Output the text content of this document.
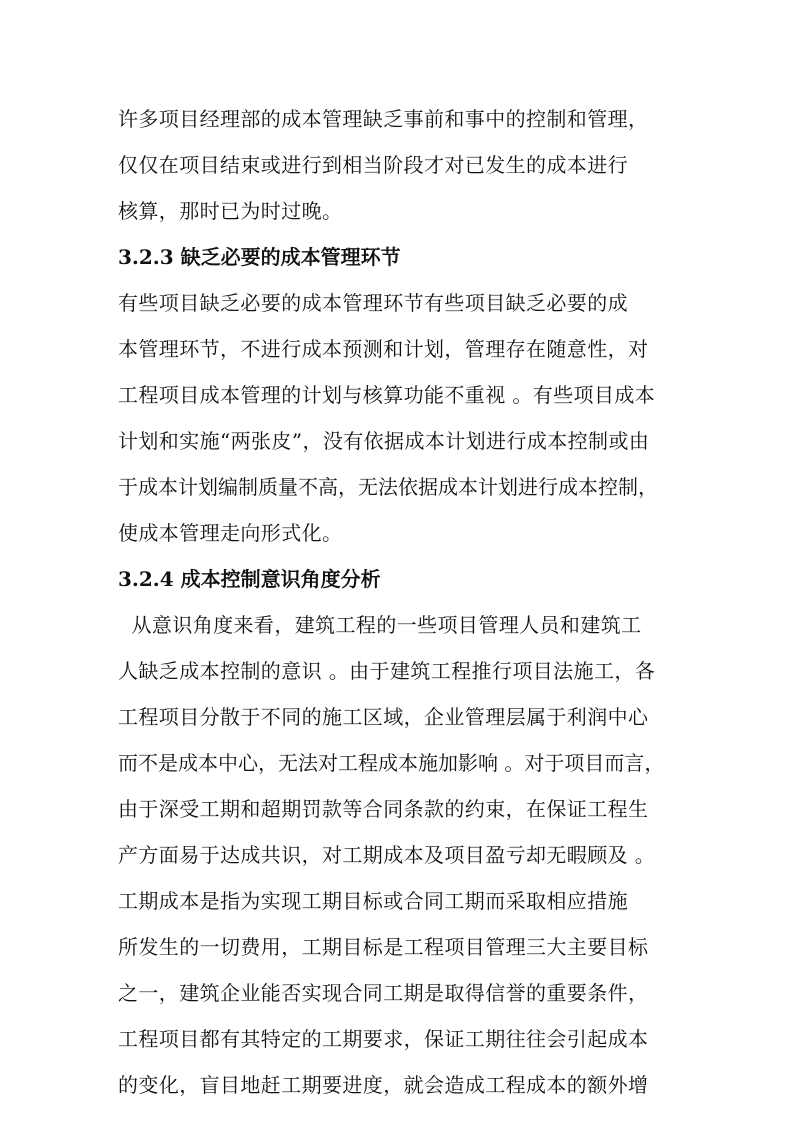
许多项目经理部的成本管理缺乏事前和事中的控制和管理，
仅仅在项目结束或进行到相当阶段才对已发生的成本进行
核算，那时已为时过晚。
3.2.3 缺乏必要的成本管理环节
有些项目缺乏必要的成本管理环节有些项目缺乏必要的成
本管理环节，不进行成本预测和计划，管理存在随意性，对
工程项目成本管理的计划与核算功能不重视 。有些项目成本
计划和实施“两张皮”，没有依据成本计划进行成本控制或由
于成本计划编制质量不高，无法依据成本计划进行成本控制，
使成本管理走向形式化。
3.2.4 成本控制意识角度分析
从意识角度来看，建筑工程的一些项目管理人员和建筑工
人缺乏成本控制的意识 。由于建筑工程推行项目法施工，各
工程项目分散于不同的施工区域，企业管理层属于利润中心
而不是成本中心，无法对工程成本施加影响 。对于项目而言，
由于深受工期和超期罚款等合同条款的约束，在保证工程生
产方面易于达成共识，对工期成本及项目盈亏却无暇顾及 。
工期成本是指为实现工期目标或合同工期而采取相应措施
所发生的一切费用，工期目标是工程项目管理三大主要目标
之一，建筑企业能否实现合同工期是取得信誉的重要条件，
工程项目都有其特定的工期要求，保证工期往往会引起成本
的变化，盲目地赶工期要进度，就会造成工程成本的额外增
